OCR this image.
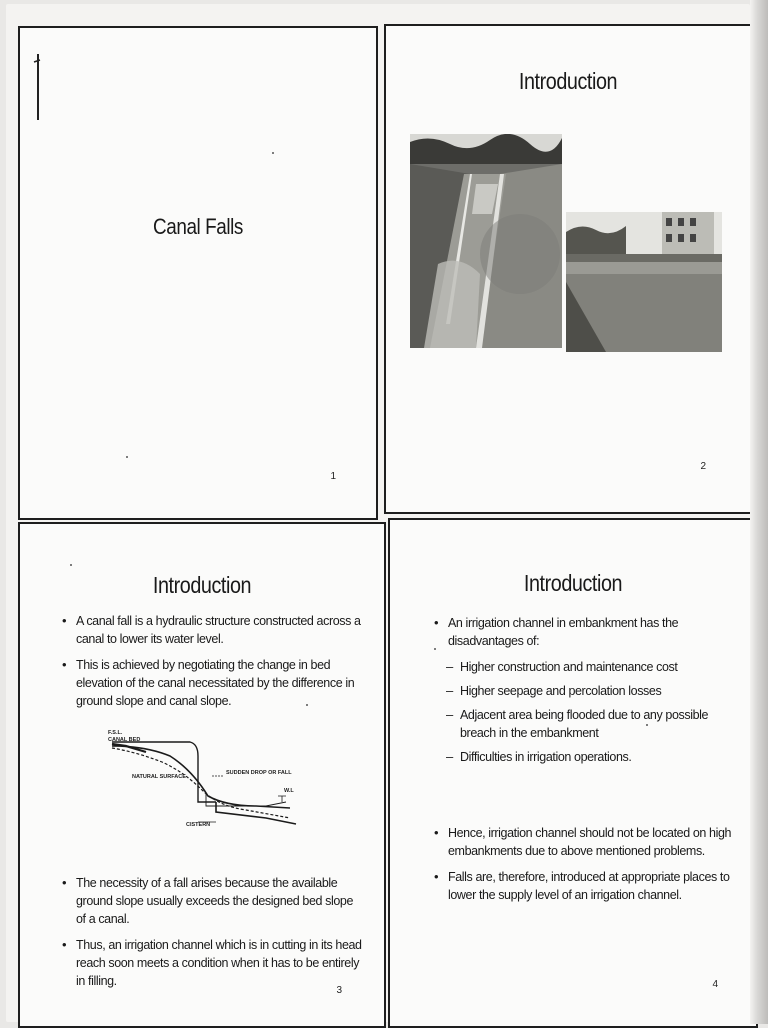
Canal Falls
1
Introduction
2
Introduction
• A canal fall is a hydraulic structure constructed across a canal to lower its water level.
• This is achieved by negotiating the change in bed elevation of the canal necessitated by the difference in ground slope and canal slope.
F.S.L.
CANAL BED
NATURAL SURFACE
SUDDEN DROP OR FALL
W.L
CISTERN
• The necessity of a fall arises because the available ground slope usually exceeds the designed bed slope of a canal.
• Thus, an irrigation channel which is in cutting in its head reach soon meets a condition when it has to be entirely in filling.
3
Introduction
• An irrigation channel in embankment has the disadvantages of:
– Higher construction and maintenance cost
– Higher seepage and percolation losses
– Adjacent area being flooded due to any possible breach in the embankment
– Difficulties in irrigation operations.
• Hence, irrigation channel should not be located on high embankments due to above mentioned problems.
• Falls are, therefore, introduced at appropriate places to lower the supply level of an irrigation channel.
4
